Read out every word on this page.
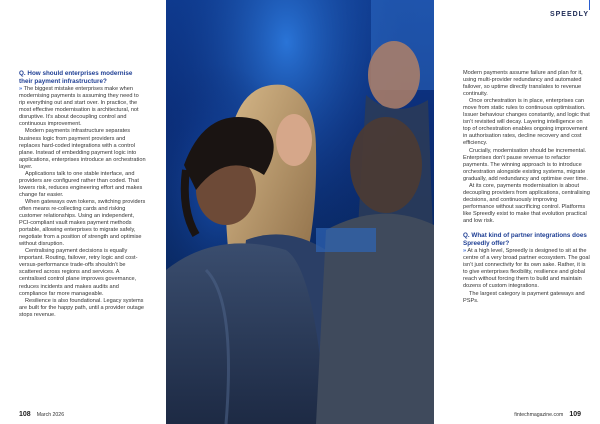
SPEEDLY
Q. How should enterprises modernise their payment infrastructure?

» The biggest mistake enterprises make when modernising payments is assuming they need to rip everything out and start over. In practice, the most effective modernisation is architectural, not disruptive. It’s about decoupling control and continuous improvement.

Modern payments infrastructure separates business logic from payment providers and replaces hard-coded integrations with a control plane. Instead of embedding payment logic into applications, enterprises introduce an orchestration layer.

Applications talk to one stable interface, and providers are configured rather than coded. That lowers risk, reduces engineering effort and makes change far easier.

When gateways own tokens, switching providers often means re-collecting cards and risking customer relationships. Using an independent, PCI-compliant vault makes payment methods portable, allowing enterprises to migrate safely, negotiate from a position of strength and optimise without disruption.

Centralising payment decisions is equally important. Routing, failover, retry logic and cost-versus-performance trade-offs shouldn’t be scattered across regions and services. A centralised control plane improves governance, reduces incidents and makes audits and compliance far more manageable.

Resilience is also foundational. Legacy systems are built for the happy path, until a provider outage stops revenue.

Modern payments assume failure and plan for it, using multi-provider redundancy and automated failover, so uptime directly translates to revenue continuity.

Once orchestration is in place, enterprises can move from static rules to continuous optimisation. Issuer behaviour changes constantly, and logic that isn’t revisited will decay. Layering intelligence on top of orchestration enables ongoing improvement in authorisation rates, decline recovery and cost efficiency.

Crucially, modernisation should be incremental. Enterprises don’t pause revenue to refactor payments. The winning approach is to introduce orchestration alongside existing systems, migrate gradually, add redundancy and optimise over time.

At its core, payments modernisation is about decoupling providers from applications, centralising decisions, and continuously improving performance without sacrificing control. Platforms like Spreedly exist to make that evolution practical and low risk.

Q. What kind of partner integrations does Spreedly offer?

» At a high level, Spreedly is designed to sit at the centre of a very broad partner ecosystem. The goal isn’t just connectivity for its own sake. Rather, it is to give enterprises flexibility, resilience and global reach without forcing them to build and maintain dozens of custom integrations.

The largest category is payment gateways and PSPs.

108 March 2026	fintechmagazine.com 109
